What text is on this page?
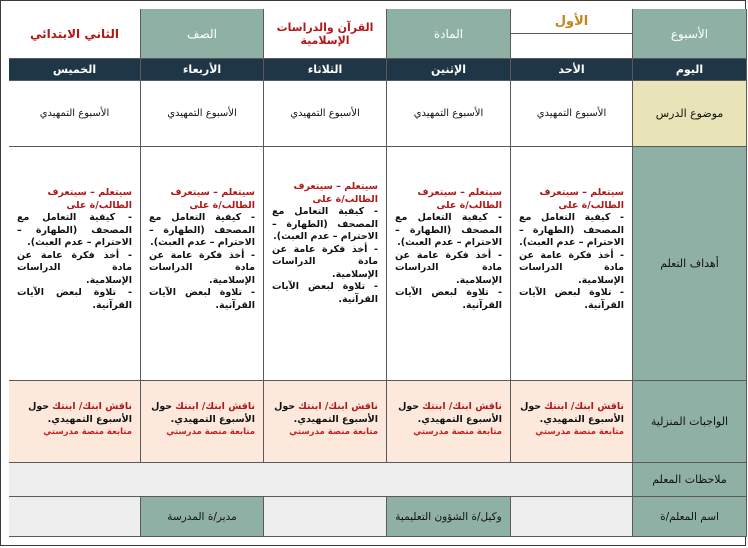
الأسبوع
الأول
المادة
القرآن والدراسات الإسلامية
الصف
الثاني الابتدائي
اليوم
الأحد
الإثنين
الثلاثاء
الأربعاء
الخميس
موضوع الدرس
الأسبوع التمهيدي
الأسبوع التمهيدي
الأسبوع التمهيدي
الأسبوع التمهيدي
الأسبوع التمهيدي
أهداف التعلم
سيتعلم – سيتعرف
الطالب/ة على
- كيفية التعامل مع المصحف (الطهارة – الاحترام – عدم العبث).
- أخذ فكرة عامة عن مادة الدراسات الإسلامية.
- تلاوة لبعض الآيات القرآنية.
سيتعلم – سيتعرف
الطالب/ة على
- كيفية التعامل مع المصحف (الطهارة – الاحترام – عدم العبث).
- أخذ فكرة عامة عن مادة الدراسات الإسلامية.
- تلاوة لبعض الآيات القرآنية.
سيتعلم – سيتعرف
الطالب/ة على
- كيفية التعامل مع المصحف (الطهارة – الاحترام – عدم العبث).
- أخذ فكرة عامة عن مادة الدراسات الإسلامية.
- تلاوة لبعض الآيات القرآنية.
سيتعلم – سيتعرف
الطالب/ة على
- كيفية التعامل مع المصحف (الطهارة – الاحترام – عدم العبث).
- أخذ فكرة عامة عن مادة الدراسات الإسلامية.
- تلاوة لبعض الآيات القرآنية.
سيتعلم – سيتعرف
الطالب/ة على
- كيفية التعامل مع المصحف (الطهارة – الاحترام – عدم العبث).
- أخذ فكرة عامة عن مادة الدراسات الإسلامية.
- تلاوة لبعض الآيات القرآنية.
الواجبات المنزلية
ناقش ابنك/ ابنتك حول
الأسبوع التمهيدي.
متابعة منصة مدرستي
ناقش ابنك/ ابنتك حول
الأسبوع التمهيدي.
متابعة منصة مدرستي
ناقش ابنك/ ابنتك حول
الأسبوع التمهيدي.
متابعة منصة مدرستي
ناقش ابنك/ ابنتك حول
الأسبوع التمهيدي.
متابعة منصة مدرستي
ناقش ابنك/ ابنتك حول
الأسبوع التمهيدي.
متابعة منصة مدرستي
ملاحظات المعلم
اسم المعلم/ة
وكيل/ة الشؤون التعليمية
مدير/ة المدرسة
